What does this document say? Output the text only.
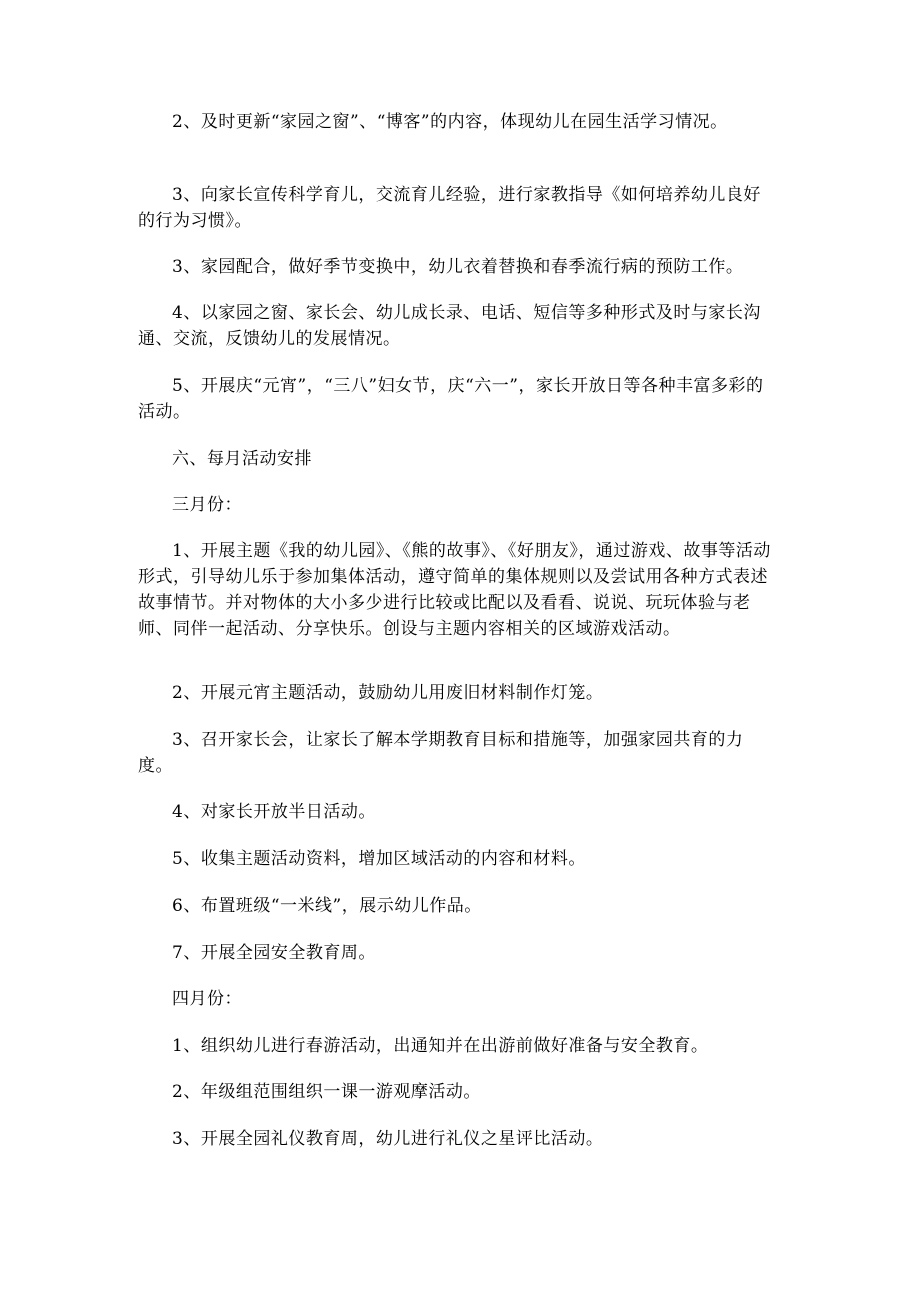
2、及时更新“家园之窗”、“博客”的内容，体现幼儿在园生活学习情况。

3、向家长宣传科学育儿，交流育儿经验，进行家教指导《如何培养幼儿良好的行为习惯》。

3、家园配合，做好季节变换中，幼儿衣着替换和春季流行病的预防工作。

4、以家园之窗、家长会、幼儿成长录、电话、短信等多种形式及时与家长沟通、交流，反馈幼儿的发展情况。

5、开展庆“元宵”，“三八”妇女节，庆“六一”，家长开放日等各种丰富多彩的活动。

六、每月活动安排

三月份：

1、开展主题《我的幼儿园》、《熊的故事》、《好朋友》，通过游戏、故事等活动形式，引导幼儿乐于参加集体活动，遵守简单的集体规则以及尝试用各种方式表述故事情节。并对物体的大小多少进行比较或比配以及看看、说说、玩玩体验与老师、同伴一起活动、分享快乐。创设与主题内容相关的区域游戏活动。

2、开展元宵主题活动，鼓励幼儿用废旧材料制作灯笼。

3、召开家长会，让家长了解本学期教育目标和措施等，加强家园共育的力度。

4、对家长开放半日活动。

5、收集主题活动资料，增加区域活动的内容和材料。

6、布置班级“一米线”，展示幼儿作品。

7、开展全园安全教育周。

四月份：

1、组织幼儿进行春游活动，出通知并在出游前做好准备与安全教育。

2、年级组范围组织一课一游观摩活动。

3、开展全园礼仪教育周，幼儿进行礼仪之星评比活动。
